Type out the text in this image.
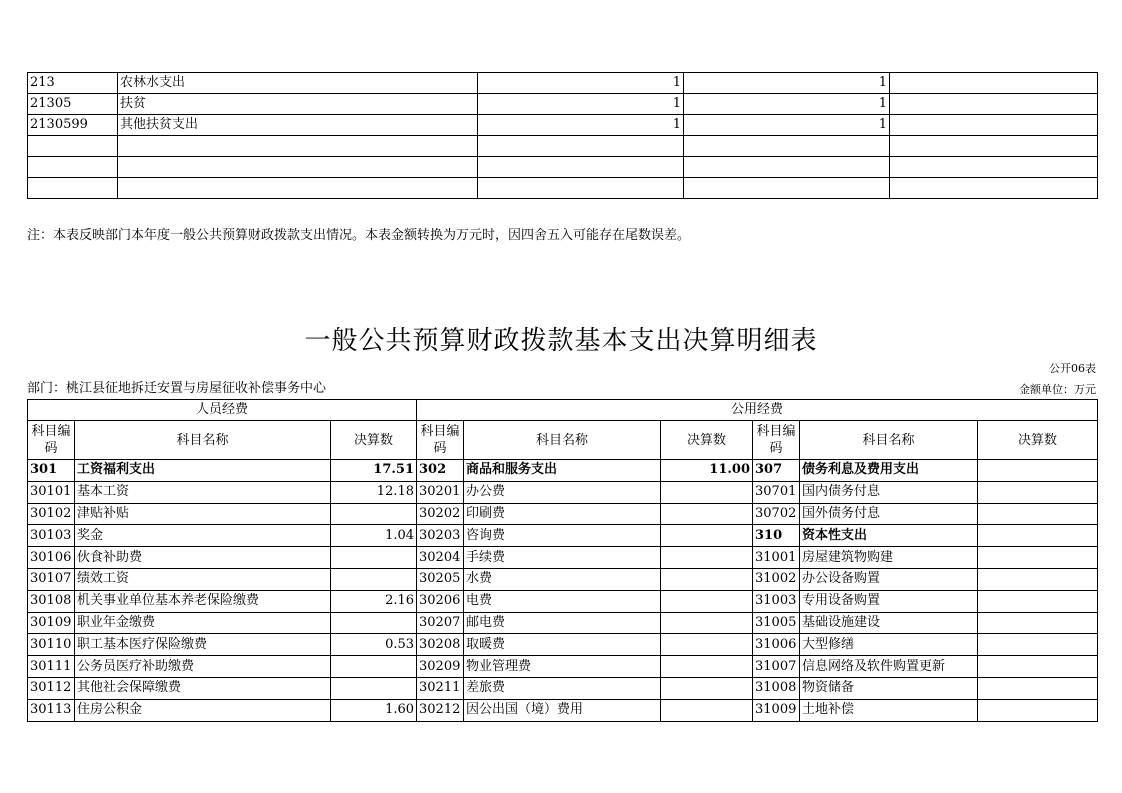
213	农林水支出	1	1	
21305	扶贫	1	1	
2130599	其他扶贫支出	1	1	

注：本表反映部门本年度一般公共预算财政拨款支出情况。本表金额转换为万元时，因四舍五入可能存在尾数误差。
一般公共预算财政拨款基本支出决算明细表
公开06表
部门：桃江县征地拆迁安置与房屋征收补偿事务中心	金额单位：万元
人员经费			公用经费					
科目编码	科目名称	决算数	科目编码	科目名称	决算数	科目编码	科目名称	决算数
301	工资福利支出	17.51	302	商品和服务支出	11.00	307	债务利息及费用支出	
30101	基本工资	12.18	30201	办公费		30701	国内债务付息	
30102	津贴补贴		30202	印刷费		30702	国外债务付息	
30103	奖金	1.04	30203	咨询费		310	资本性支出	
30106	伙食补助费		30204	手续费		31001	房屋建筑物购建	
30107	绩效工资		30205	水费		31002	办公设备购置	
30108	机关事业单位基本养老保险缴费	2.16	30206	电费		31003	专用设备购置	
30109	职业年金缴费		30207	邮电费		31005	基础设施建设	
30110	职工基本医疗保险缴费	0.53	30208	取暖费		31006	大型修缮	
30111	公务员医疗补助缴费		30209	物业管理费		31007	信息网络及软件购置更新	
30112	其他社会保障缴费		30211	差旅费		31008	物资储备	
30113	住房公积金	1.60	30212	因公出国（境）费用		31009	土地补偿	
